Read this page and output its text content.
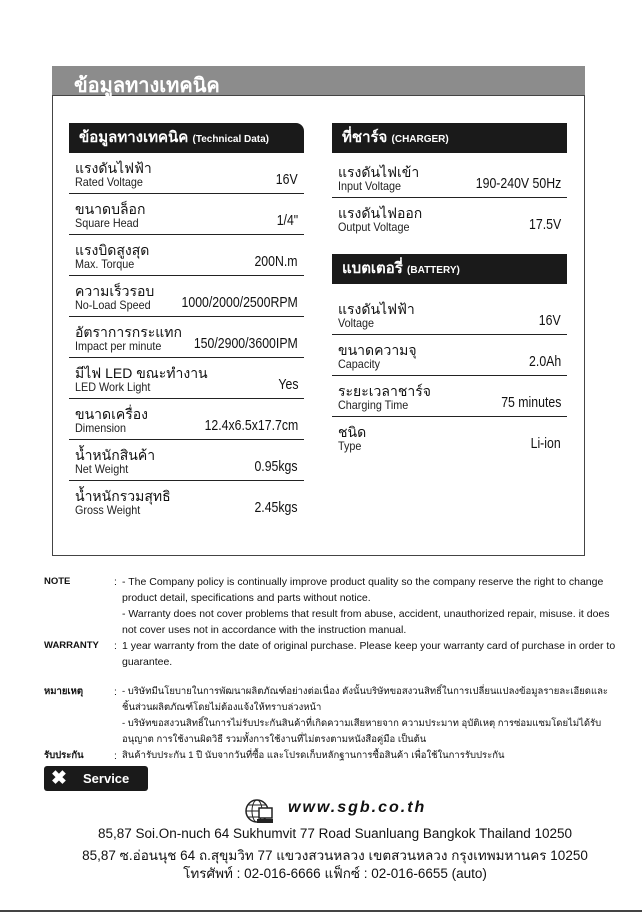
ข้อมูลทางเทคนิค
ข้อมูลทางเทคนิค (Technical Data)
แรงดันไฟฟ้า
Rated Voltage	16V
ขนาดบล็อก
Square Head	1/4"
แรงบิดสูงสุด
Max. Torque	200N.m
ความเร็วรอบ
No-Load Speed 1000/2000/2500RPM
อัตราการกระแทก
Impact per minute 150/2900/3600IPM
มีไฟ LED ขณะทำงาน
LED Work Light	Yes
ขนาดเครื่อง
Dimension	12.4x6.5x17.7cm
น้ำหนักสินค้า
Net Weight	0.95kgs
น้ำหนักรวมสุทธิ
Gross Weight	2.45kgs
ที่ชาร์จ (CHARGER)
แรงดันไฟเข้า
Input Voltage	190-240V 50Hz
แรงดันไฟออก
Output Voltage	17.5V
แบตเตอรี่ (BATTERY)
แรงดันไฟฟ้า
Voltage	16V
ขนาดความจุ
Capacity	2.0Ah
ระยะเวลาชาร์จ
Charging Time	75 minutes
ชนิด
Type	Li-ion
NOTE	: - The Company policy is continually improve product quality so the company reserve the right to change product detail, specifications and parts without notice.
- Warranty does not cover problems that result from abuse, accident, unauthorized repair, misuse. it does not cover uses not in accordance with the instruction manual.
WARRANTY	: 1 year warranty from the date of original purchase. Please keep your warranty card of purchase in order to guarantee.
หมายเหตุ	: - บริษัทมีนโยบายในการพัฒนาผลิตภัณฑ์อย่างต่อเนื่อง ดังนั้นบริษัทขอสงวนสิทธิ์ในการเปลี่ยนแปลงข้อมูลรายละเอียดและชิ้นส่วนผลิตภัณฑ์โดยไม่ต้องแจ้งให้ทราบล่วงหน้า
- บริษัทขอสงวนสิทธิ์ในการไม่รับประกันสินค้าที่เกิดความเสียหายจาก ความประมาท อุบัติเหตุ การซ่อมแซมโดยไม่ได้รับอนุญาต การใช้งานผิดวิธี รวมทั้งการใช้งานที่ไม่ตรงตามหนังสือคู่มือ เป็นต้น
รับประกัน	: สินค้ารับประกัน 1 ปี นับจากวันที่ซื้อ และโปรดเก็บหลักฐานการซื้อสินค้า เพื่อใช้ในการรับประกัน
✖ Service
www.sgb.co.th
85,87 Soi.On-nuch 64 Sukhumvit 77 Road Suanluang Bangkok Thailand 10250
85,87 ซ.อ่อนนุช 64 ถ.สุขุมวิท 77 แขวงสวนหลวง เขตสวนหลวง กรุงเทพมหานคร 10250
โทรศัพท์ : 02-016-6666 แฟ็กซ์ : 02-016-6655 (auto)
